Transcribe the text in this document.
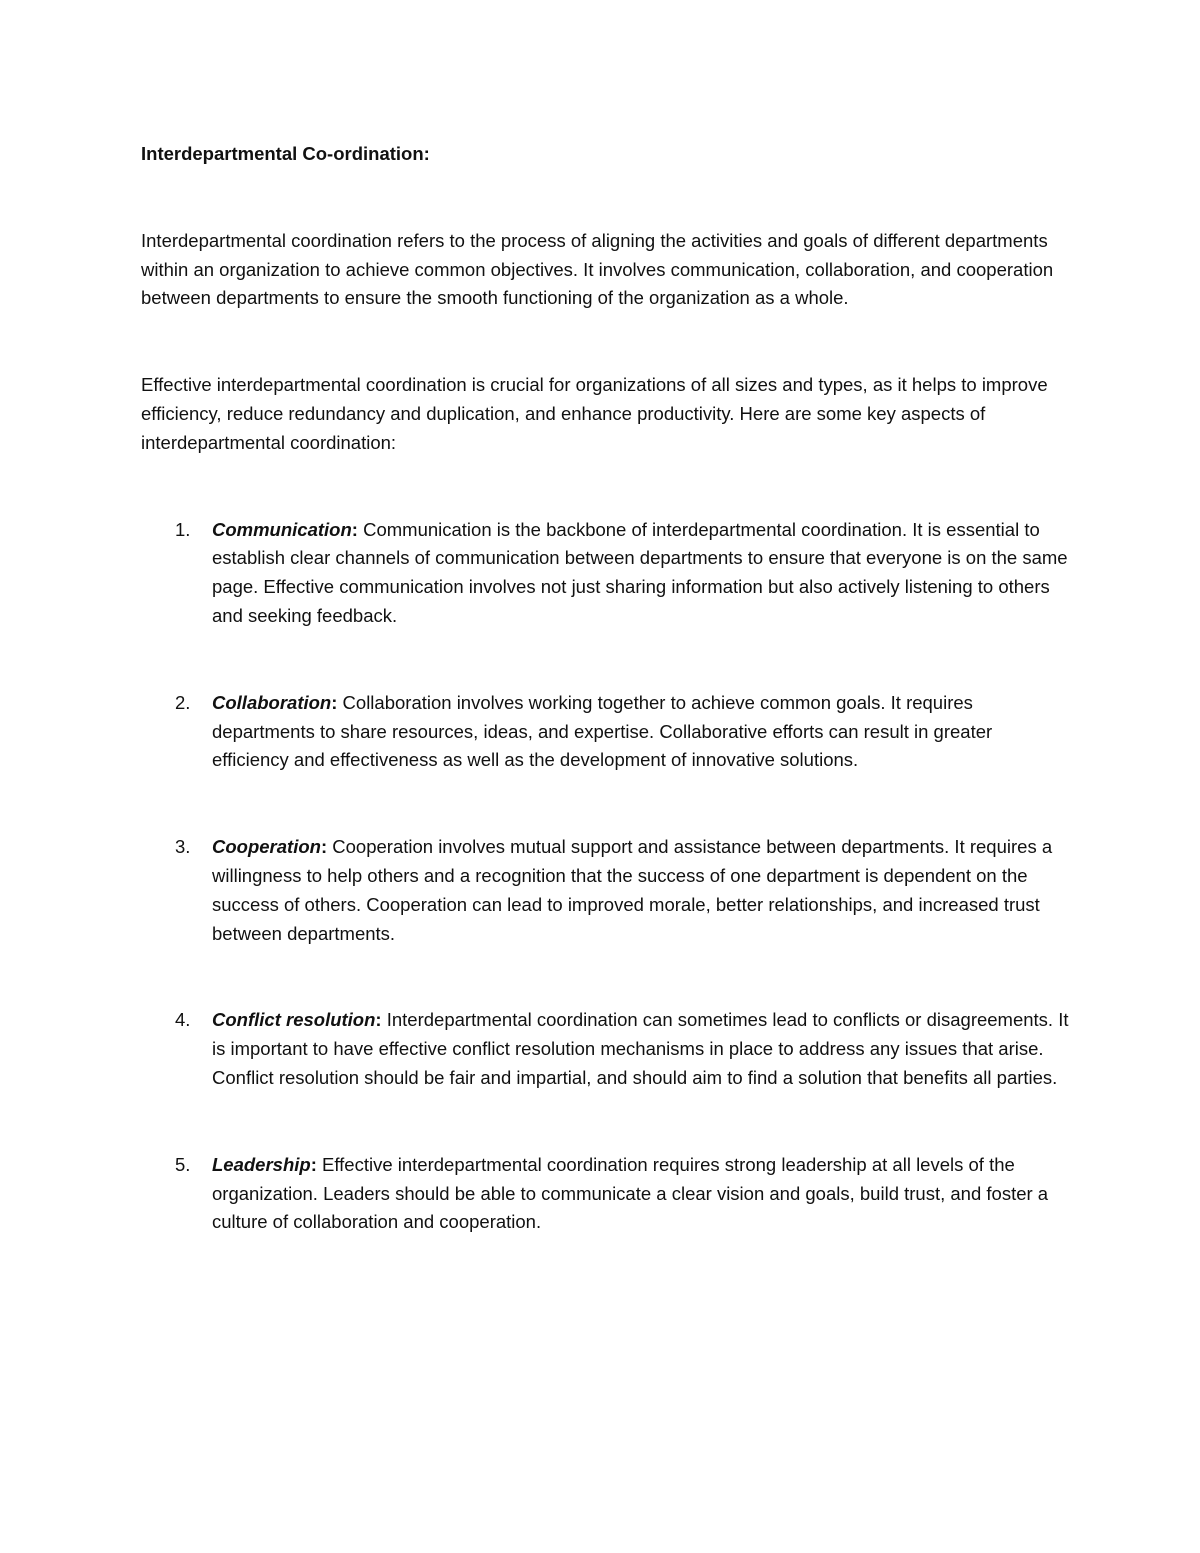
Interdepartmental Co-ordination:

Interdepartmental coordination refers to the process of aligning the activities and goals of different departments within an organization to achieve common objectives. It involves communication, collaboration, and cooperation between departments to ensure the smooth functioning of the organization as a whole.

Effective interdepartmental coordination is crucial for organizations of all sizes and types, as it helps to improve efficiency, reduce redundancy and duplication, and enhance productivity. Here are some key aspects of interdepartmental coordination:

1. Communication: Communication is the backbone of interdepartmental coordination. It is essential to establish clear channels of communication between departments to ensure that everyone is on the same page. Effective communication involves not just sharing information but also actively listening to others and seeking feedback.
2. Collaboration: Collaboration involves working together to achieve common goals. It requires departments to share resources, ideas, and expertise. Collaborative efforts can result in greater efficiency and effectiveness as well as the development of innovative solutions.
3. Cooperation: Cooperation involves mutual support and assistance between departments. It requires a willingness to help others and a recognition that the success of one department is dependent on the success of others. Cooperation can lead to improved morale, better relationships, and increased trust between departments.
4. Conflict resolution: Interdepartmental coordination can sometimes lead to conflicts or disagreements. It is important to have effective conflict resolution mechanisms in place to address any issues that arise. Conflict resolution should be fair and impartial, and should aim to find a solution that benefits all parties.
5. Leadership: Effective interdepartmental coordination requires strong leadership at all levels of the organization. Leaders should be able to communicate a clear vision and goals, build trust, and foster a culture of collaboration and cooperation.
